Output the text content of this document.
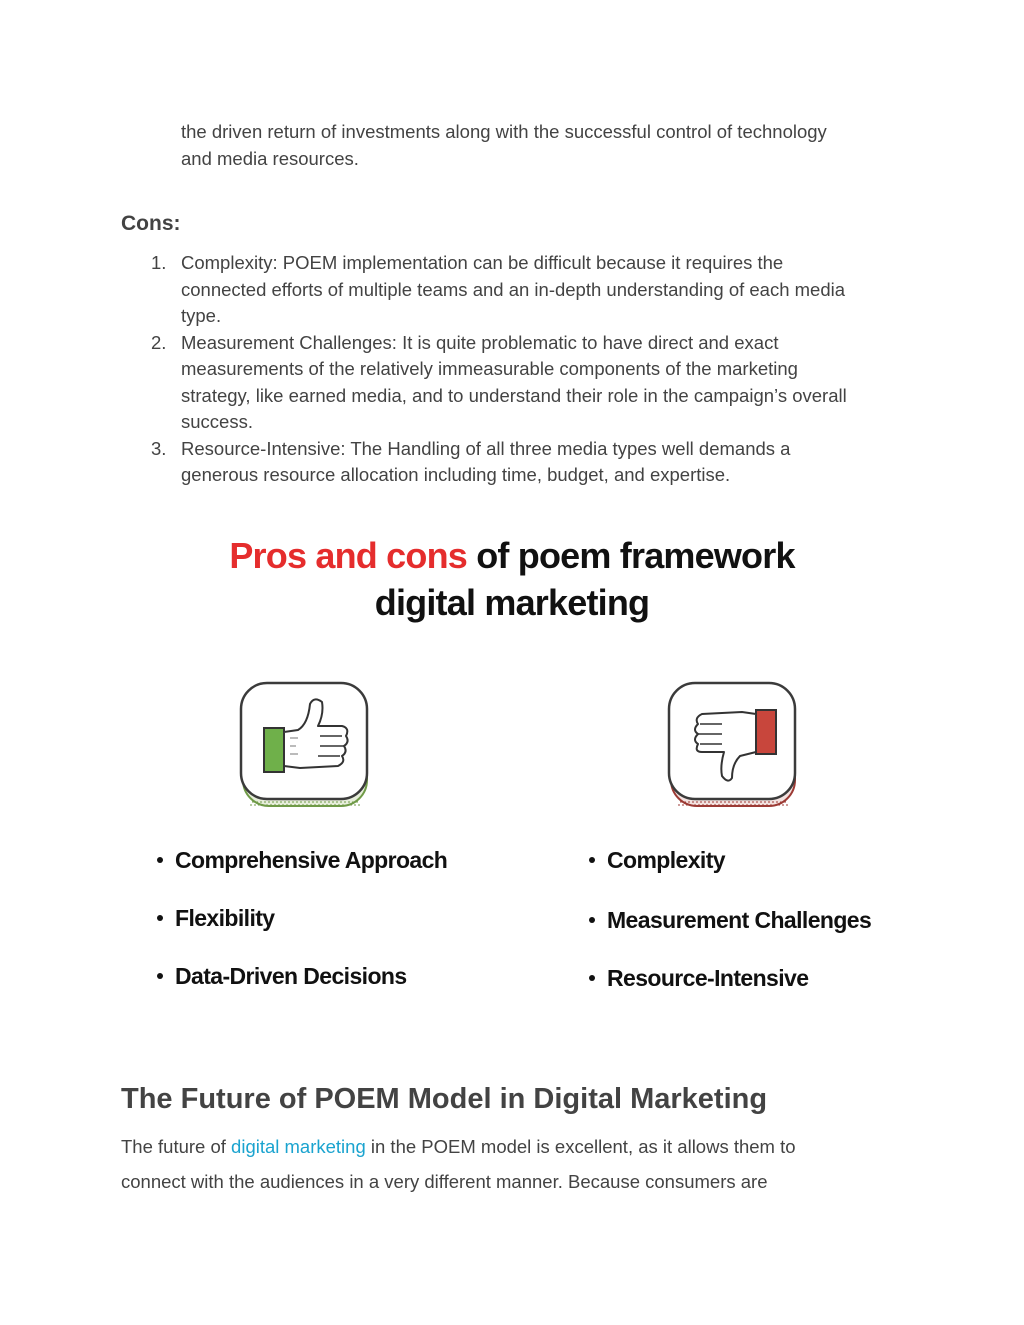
the driven return of investments along with the successful control of technology
and media resources.
Cons:
1. Complexity: POEM implementation can be difficult because it requires the
connected efforts of multiple teams and an in-depth understanding of each media
type.
2. Measurement Challenges: It is quite problematic to have direct and exact
measurements of the relatively immeasurable components of the marketing
strategy, like earned media, and to understand their role in the campaign’s overall
success.
3. Resource-Intensive: The Handling of all three media types well demands a
generous resource allocation including time, budget, and expertise.
Pros and cons of poem framework
digital marketing
Comprehensive Approach
Flexibility
Data-Driven Decisions
Complexity
Measurement Challenges
Resource-Intensive
The Future of POEM Model in Digital Marketing

The future of digital marketing in the POEM model is excellent, as it allows them to
connect with the audiences in a very different manner. Because consumers are
